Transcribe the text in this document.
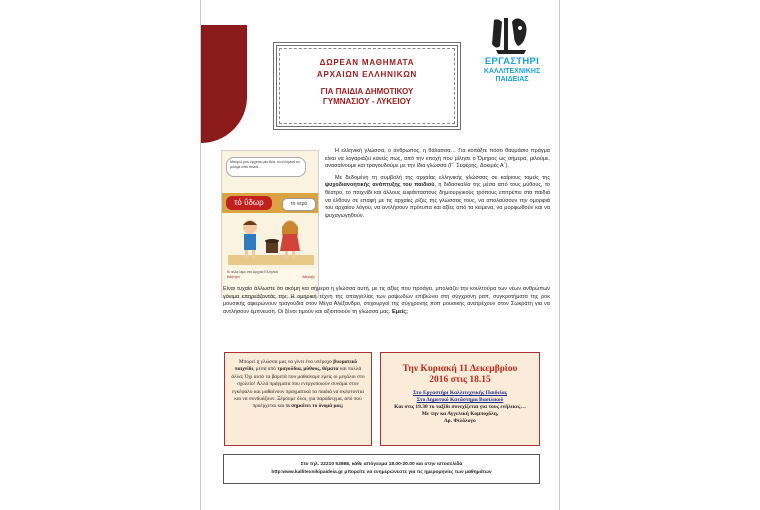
ΔΩΡΕΑΝ ΜΑΘΗΜΑΤΑ
ΑΡΧΑΙΩΝ ΕΛΛΗΝΙΚΩΝ
ΓΙΑ ΠΑΙΔΙΑ ΔΗΜΟΤΙΚΟΥ
ΓΥΜΝΑΣΙΟΥ - ΛΥΚΕΙΟΥ
ΕΡΓΑΣΤΗΡΙ
ΚΑΛΛΙΤΕΧΝΙΚΗΣ
ΠΑΙΔΕΙΑΣ
Μπορώ μου έρχεται μια ιδέα, τα ελληνικά τα μιλάμε από παλιά...
τό ὕδωρ	το νερό
Κι άλλα λέμε στα Αρχαία Ελληνικά
Ἀθήνησι	Ἀθήναζε

Η ελληνική γλώσσα, ο άνθρωπος, η θάλασσα… Για κοιτάξτε πόσο θαυμάσιο πράγμα είναι να λογαριάζει κανείς πως, από την εποχή που μίλησε ο Όμηρος ως σήμερα, μιλούμε, ανασαίνουμε και τραγουδούμε με την ίδια γλώσσα (Γ΄ Σεφέρης, Δοκιμές Α΄).

Με δεδομένη τη συμβολή της αρχαίας ελληνικής γλώσσας σε καίριους τομείς της ψυχοδιανοητικής ανάπτυξης του παιδιού, η διδασκαλία της μέσα από τους μύθους, το θέατρο, το παιχνίδι και άλλους ευφάνταστους δημιουργικούς τρόπους επιτρέπει στα παιδιά να έλθουν σε επαφή με τις αρχαίες ρίζες της γλώσσας τους, να απολαύσουν την ομορφιά του αρχαίου λόγου, να αντλήσουν πρότυπα και αξίες από τα κείμενα, να μορφωθούν και να ψυχαγωγηθούν.

Είναι τυχαίο άλλωστε ότι ακόμη και σήμερα η γλώσσα αυτή, με τις αξίες που προάγει, μπολιάζει την κουλτούρα των νέων ανθρώπων γόνιμα επηρεάζοντάς την; Η ομηρική τέχνη της απαγγελίας των ραψωδών επιβιώνει στη σύγχρονη ραπ, συγκροτήματα της ροκ μουσικής αφιερώνουν τραγούδια στον Μέγα Αλέξανδρο, στιχουργοί της σύγχρονης ποπ μουσικής ανατρέχουν στον Σωκράτη για να αντλήσουν έμπνευση. Οι ξένοι τιμούν και αξιοποιούν τη γλώσσα μας. Εμείς;

Μπορεί η γλώσσα μας να γίνει ένα υπέροχο βιωματικό παιχνίδι, μέσα από τραγούδια, μύθους, θέματα και πολλά άλλα; Όχι αυτά τα βαρετά που μαθαίναμε εμείς οι μεγάλοι στο σχολείο! Αλλά πράγματα που ενεργοποιούν συνάμα στον εγκέφαλο και μαθαίνουν πραγματικά τα παιδιά να σκέφτονται και να συνδυάζουν. Ξέρουμε όλοι, για παράδειγμα, από πού προέρχεται και τι σημαίνει το όνομά μας;
Την Κυριακή 11 Δεκεμβρίου
2016 στις 18.15
Στο Εργαστήρι Καλλιτεχνικής Παιδείας
Στο Δημοτικό Κατάστημα Βασιλικού
Και στις 19.30 το ταξίδι συνεχίζεται για τους ενήλικες…
Με την κα Αγγελική Κομποχόλη,
Δρ. Φιλόλογο
Στο τηλ. 22210 53868, κάθε απόγευμα 18.00-20.00 και στην ιστοσελίδα
http:www.kallitexnikipaideia.gr μπορείτε να ενημερώνεστε για τις ημερομηνίες των μαθημάτων
